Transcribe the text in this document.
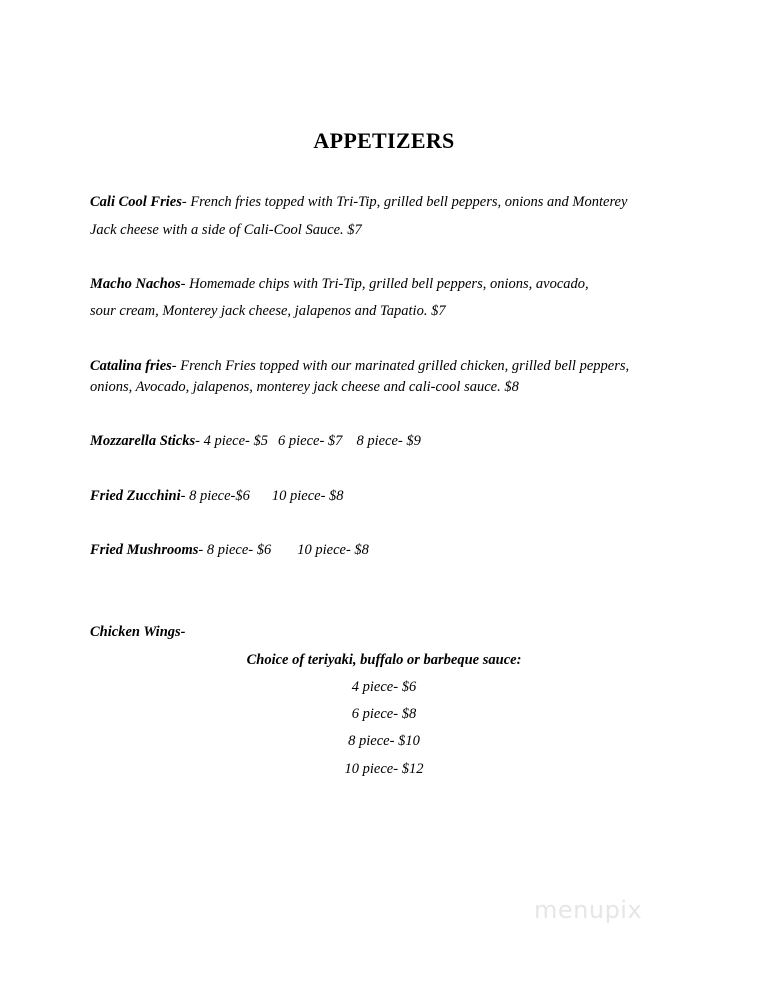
APPETIZERS
Cali Cool Fries- French fries topped with Tri-Tip, grilled bell peppers, onions and Monterey
Jack cheese with a side of Cali-Cool Sauce. $7
Macho Nachos- Homemade chips with Tri-Tip, grilled bell peppers, onions, avocado,
sour cream, Monterey jack cheese, jalapenos and Tapatio. $7
Catalina fries- French Fries topped with our marinated grilled chicken, grilled bell peppers,
onions, Avocado, jalapenos, monterey jack cheese and cali-cool sauce. $8
Mozzarella Sticks- 4 piece- $5 6 piece- $7 8 piece- $9
Fried Zucchini- 8 piece-$6 10 piece- $8
Fried Mushrooms- 8 piece- $6 10 piece- $8
Chicken Wings-
Choice of teriyaki, buffalo or barbeque sauce:
4 piece- $6
6 piece- $8
8 piece- $10
10 piece- $12
menupix
